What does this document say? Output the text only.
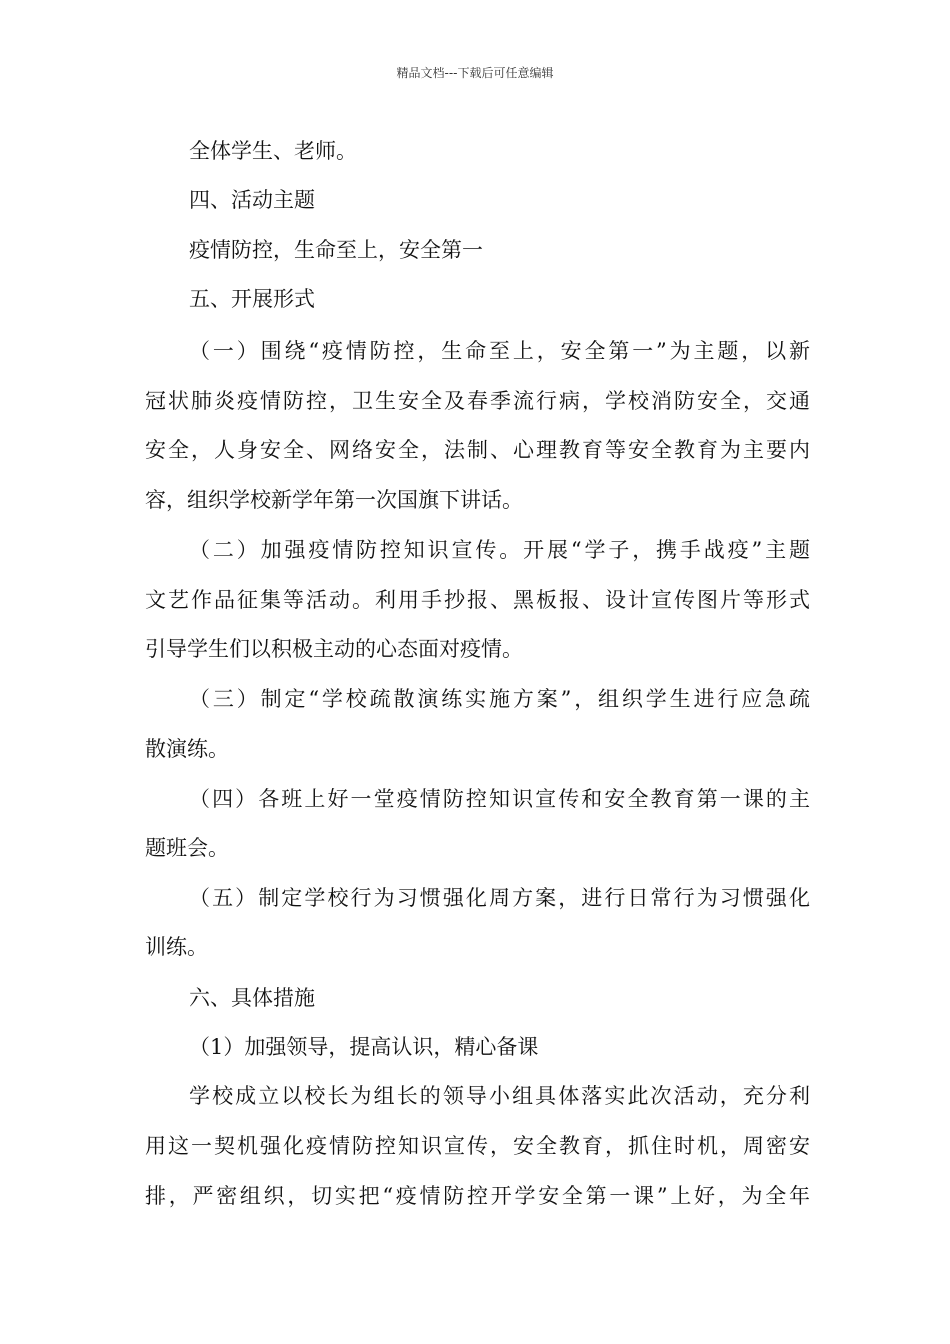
精品文档---下载后可任意编辑
全体学生、老师。
四、活动主题
疫情防控，生命至上，安全第一
五、开展形式
（一）围绕“疫情防控，生命至上，安全第一”为主题，以新
冠状肺炎疫情防控，卫生安全及春季流行病，学校消防安全，交通
安全，人身安全、网络安全，法制、心理教育等安全教育为主要内
容，组织学校新学年第一次国旗下讲话。
（二）加强疫情防控知识宣传。开展“学子，携手战疫”主题
文艺作品征集等活动。利用手抄报、黑板报、设计宣传图片等形式
引导学生们以积极主动的心态面对疫情。
（三）制定“学校疏散演练实施方案”，组织学生进行应急疏
散演练。
（四）各班上好一堂疫情防控知识宣传和安全教育第一课的主
题班会。
（五）制定学校行为习惯强化周方案，进行日常行为习惯强化
训练。
六、具体措施
（1）加强领导，提高认识，精心备课
学校成立以校长为组长的领导小组具体落实此次活动，充分利
用这一契机强化疫情防控知识宣传，安全教育，抓住时机，周密安
排，严密组织，切实把“疫情防控开学安全第一课”上好，为全年
